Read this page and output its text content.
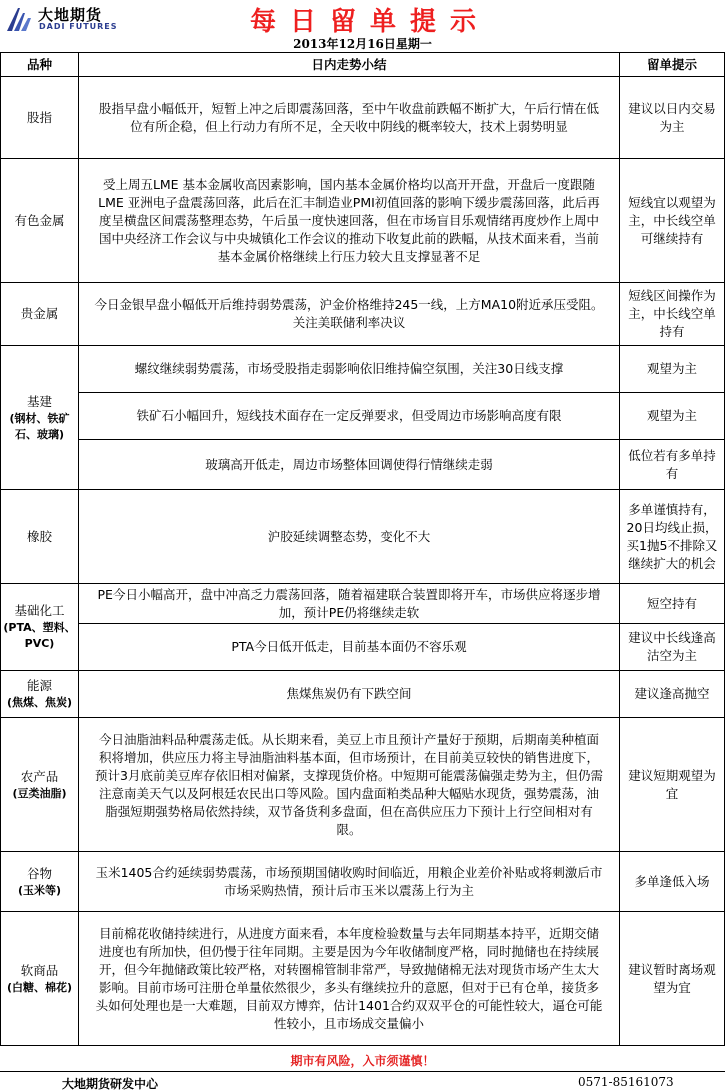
大地期货
DADI FUTURES	每日留单提示
2013年12月16日星期一
品种	日内走势小结	留单提示
股指	股指早盘小幅低开，短暂上冲之后即震荡回落，至中午收盘前跌幅不断扩大，午后行情在低位有所企稳，但上行动力有所不足，全天收中阴线的概率较大，技术上弱势明显	建议以日内交易为主
有色金属	受上周五LME 基本金属收高因素影响，国内基本金属价格均以高开开盘，开盘后一度跟随LME 亚洲电子盘震荡回落，此后在汇丰制造业PMI初值回落的影响下缓步震荡回落，此后再度呈横盘区间震荡整理态势，午后虽一度快速回落，但在市场盲目乐观情绪再度炒作上周中国中央经济工作会议与中央城镇化工作会议的推动下收复此前的跌幅，从技术面来看，当前基本金属价格继续上行压力较大且支撑显著不足	短线宜以观望为主，中长线空单可继续持有
贵金属	今日金银早盘小幅低开后维持弱势震荡，沪金价格维持245一线，上方MA10附近承压受阻。关注美联储利率决议	短线区间操作为主，中长线空单持有
基建
(钢材、铁矿石、玻璃)	螺纹继续弱势震荡，市场受股指走弱影响依旧维持偏空氛围，关注30日线支撑	观望为主
	铁矿石小幅回升，短线技术面存在一定反弹要求，但受周边市场影响高度有限	观望为主
	玻璃高开低走，周边市场整体回调使得行情继续走弱	低位若有多单持有
橡胶	沪胶延续调整态势，变化不大	多单谨慎持有，20日均线止损，买1抛5不排除又继续扩大的机会
基础化工
(PTA、塑料、PVC)	PE今日小幅高开，盘中冲高乏力震荡回落，随着福建联合装置即将开车，市场供应将逐步增加，预计PE仍将继续走软	短空持有
	PTA今日低开低走，目前基本面仍不容乐观	建议中长线逢高沽空为主
能源
(焦煤、焦炭)	焦煤焦炭仍有下跌空间	建议逢高抛空
农产品
(豆类油脂)	今日油脂油料品种震荡走低。从长期来看，美豆上市且预计产量好于预期，后期南美种植面积将增加，供应压力将主导油脂油料基本面，但市场预计，在目前美豆较快的销售进度下，预计3月底前美豆库存依旧相对偏紧，支撑现货价格。中短期可能震荡偏强走势为主，但仍需注意南美天气以及阿根廷农民出口等风险。国内盘面粕类品种大幅贴水现货，强势震荡，油脂强短期强势格局依然持续，双节备货利多盘面，但在高供应压力下预计上行空间相对有限。	建议短期观望为宜
谷物
(玉米等)	玉米1405合约延续弱势震荡，市场预期国储收购时间临近，用粮企业差价补贴或将刺激后市市场采购热情，预计后市玉米以震荡上行为主	多单逢低入场
软商品
(白糖、棉花)	目前棉花收储持续进行，从进度方面来看，本年度检验数量与去年同期基本持平，近期交储进度也有所加快，但仍慢于往年同期。主要是因为今年收储制度严格，同时抛储也在持续展开，但今年抛储政策比较严格，对转圈棉管制非常严，导致抛储棉无法对现货市场产生太大影响。目前市场可注册仓单量依然很少，多头有继续拉升的意愿，但对于已有仓单，接货多头如何处理也是一大难题，目前双方博弈，估计1401合约双双平仓的可能性较大，逼仓可能性较小，且市场成交量偏小	建议暂时离场观望为宜
期市有风险，入市须谨慎！
大地期货研发中心	0571-85161073
